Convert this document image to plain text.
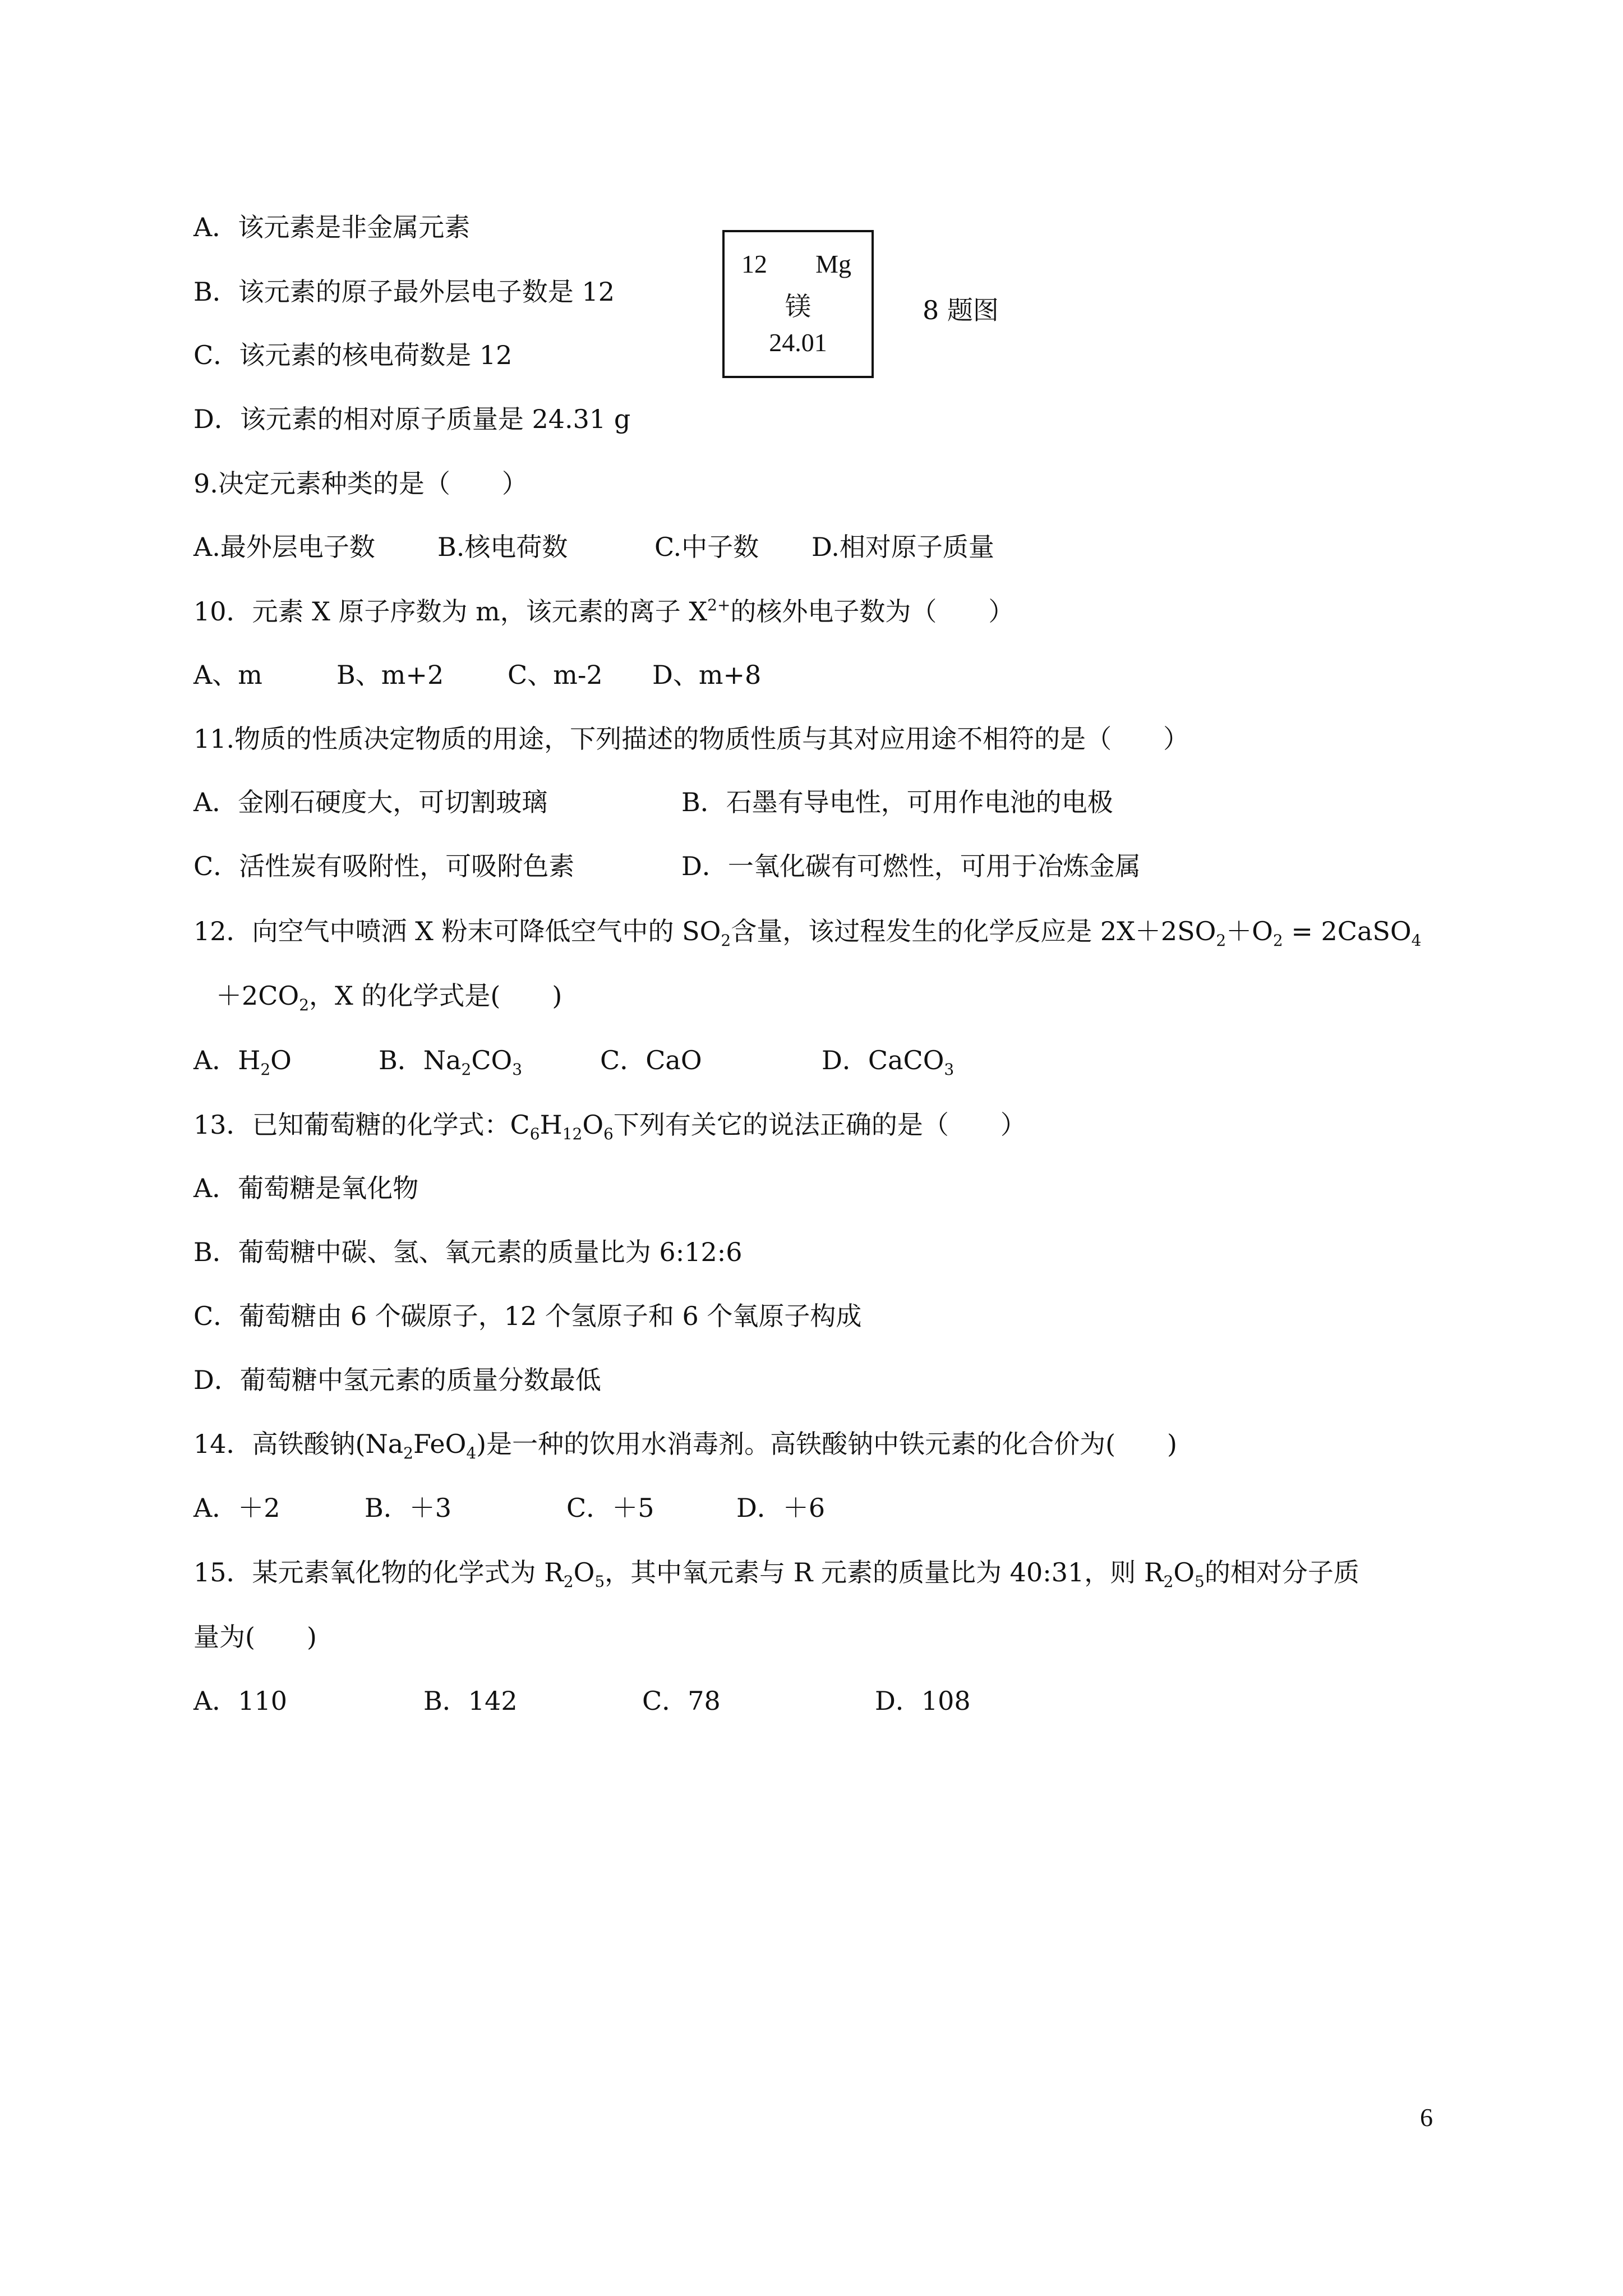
A．该元素是非金属元素
B．该元素的原子最外层电子数是 12
C．该元素的核电荷数是 12
D．该元素的相对原子质量是 24.31 g
12 Mg
镁
24.01
8 题图
9.决定元素种类的是（　　）

A.最外层电子数

B.核电荷数

	C.中子数

D.相对原子质量

10．元素 X 原子序数为 m，该元素的离子 $X^{2+}$的核外电子数为（　　）

A、m

	B、m+2

C、m-2

D、m+8

11.物质的性质决定物质的用途，下列描述的物质性质与其对应用途不相符的是（　　）

A．金刚石硬度大，可切割玻璃

	B．石墨有导电性，可用作电池的电极

C．活性炭有吸附性，可吸附色素

	D．一氧化碳有可燃性，可用于冶炼金属

12．向空气中喷洒 X 粉末可降低空气中的 $SO_2$含量，该过程发生的化学反应是 $2X+2SO_2+O_2$ = 2CaSO$_4$
$+2CO_2$，X 的化学式是(　　)

A．$H_2O$

	B．$Na_2CO_3$

	C．CaO

	D．CaCO$_3$

13．已知葡萄糖的化学式：$C_6H_{12}O_6$下列有关它的说法正确的是（　　）
A．葡萄糖是氧化物
B．葡萄糖中碳、氢、氧元素的质量比为 6:12:6
C．葡萄糖由 6 个碳原子，12 个氢原子和 6 个氧原子构成
D．葡萄糖中氢元素的质量分数最低
14．高铁酸钠$(Na_2FeO_4)$是一种的饮用水消毒剂。高铁酸钠中铁元素的化合价为(　　)

A．＋2

	B．＋3

	C．＋5

	D．＋6

15．某元素氧化物的化学式为 $R_2O_5$，其中氧元素与 R 元素的质量比为 40:31，则 $R_2O_5$的相对分子质
量为(　　)

A．110

	B．142

	C．78

	D．108

6
